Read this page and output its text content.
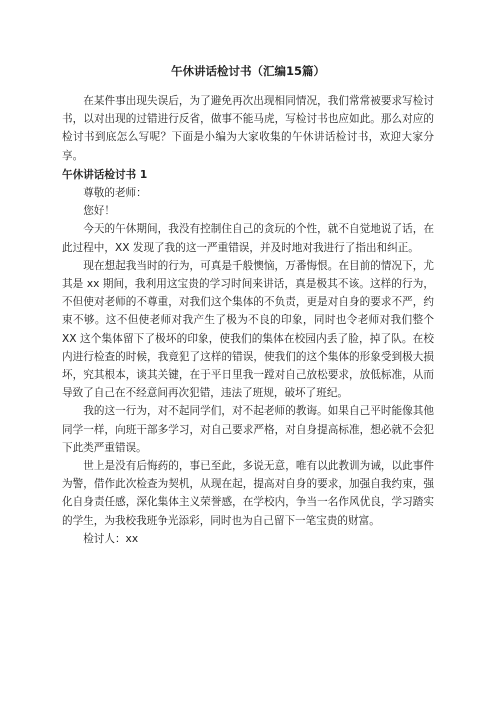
午休讲话检讨书（汇编15篇）

在某件事出现失误后，为了避免再次出现相同情况，我们常常被要求写检讨书，以对出现的过错进行反省，做事不能马虎，写检讨书也应如此。那么对应的检讨书到底怎么写呢？下面是小编为大家收集的午休讲话检讨书，欢迎大家分享。

午休讲话检讨书 1

尊敬的老师：

您好！

今天的午休期间，我没有控制住自己的贪玩的个性，就不自觉地说了话，在此过程中，XX 发现了我的这一严重错误，并及时地对我进行了指出和纠正。

现在想起我当时的行为，可真是千般懊恼，万番悔恨。在目前的情况下，尤其是 xx 期间，我利用这宝贵的学习时间来讲话，真是极其不该。这样的行为，不但使对老师的不尊重，对我们这个集体的不负责，更是对自身的要求不严，约束不够。这不但使老师对我产生了极为不良的印象，同时也令老师对我们整个 XX 这个集体留下了极坏的印象，使我们的集体在校园内丢了脸，掉了队。在校内进行检查的时候，我竟犯了这样的错误，使我们的这个集体的形象受到极大损坏，究其根本，谈其关键，在于平日里我一蹚对自己放松要求，放低标准，从而导致了自己在不经意间再次犯错，违法了班规，破坏了班纪。

我的这一行为，对不起同学们，对不起老师的教诲。如果自己平时能像其他同学一样，向班干部多学习，对自己要求严格，对自身提高标准，想必就不会犯下此类严重错误。

世上是没有后悔药的，事已至此，多说无意，唯有以此教训为诫，以此事件为警，借作此次检查为契机，从现在起，提高对自身的要求，加强自我约束，强化自身责任感，深化集体主义荣誉感，在学校内，争当一名作风优良，学习踏实的学生，为我校我班争光添彩，同时也为自己留下一笔宝贵的财富。

检讨人：xx
